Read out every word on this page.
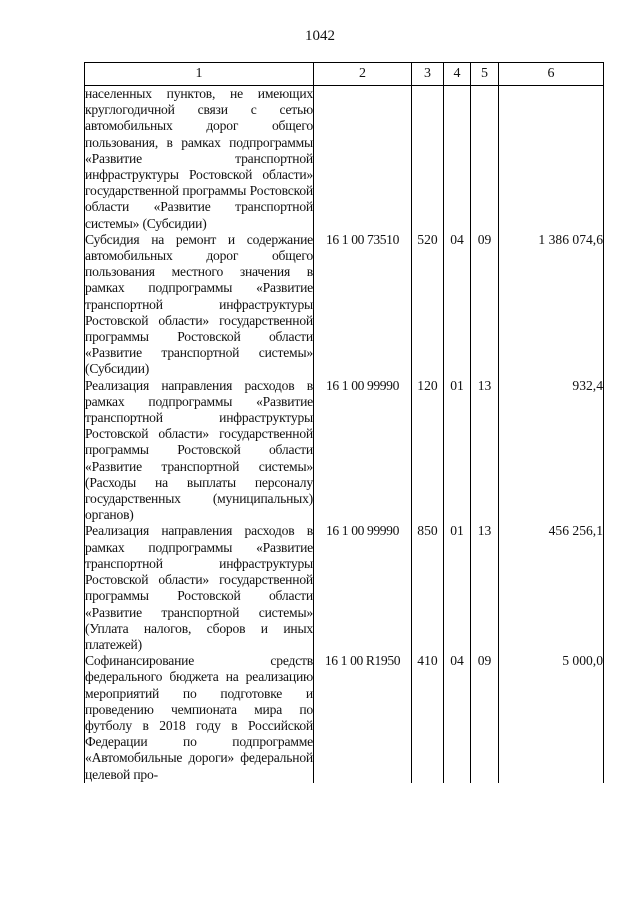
1042
1	2	3	4	5	6
населенных пунктов, не имеющих круглогодичной связи с сетью автомобильных дорог общего пользования, в рамках подпрограммы «Развитие транспортной инфраструктуры Ростовской области» государственной программы Ростовской области «Развитие транспортной системы» (Субсидии)					
Субсидия на ремонт и содержание автомобильных дорог общего пользования местного значения в рамках подпрограммы «Развитие транспортной инфраструктуры Ростовской области» государственной программы Ростовской области «Развитие транспортной системы» (Субсидии)	16 1 00 73510	520	04	09	1 386 074,6
Реализация направления расходов в рамках подпрограммы «Развитие транспортной инфраструктуры Ростовской области» государственной программы Ростовской области «Развитие транспортной системы» (Расходы на выплаты персоналу государственных (муниципальных) органов)	16 1 00 99990	120	01	13	932,4
Реализация направления расходов в рамках подпрограммы «Развитие транспортной инфраструктуры Ростовской области» государственной программы Ростовской области «Развитие транспортной системы» (Уплата налогов, сборов и иных платежей)	16 1 00 99990	850	01	13	456 256,1
Софинансирование средств федерального бюджета на реализацию мероприятий по подготовке и проведению чемпионата мира по футболу в 2018 году в Российской Федерации по подпрограмме «Автомобильные дороги» федеральной целевой про-	16 1 00 R1950	410	04	09	5 000,0
